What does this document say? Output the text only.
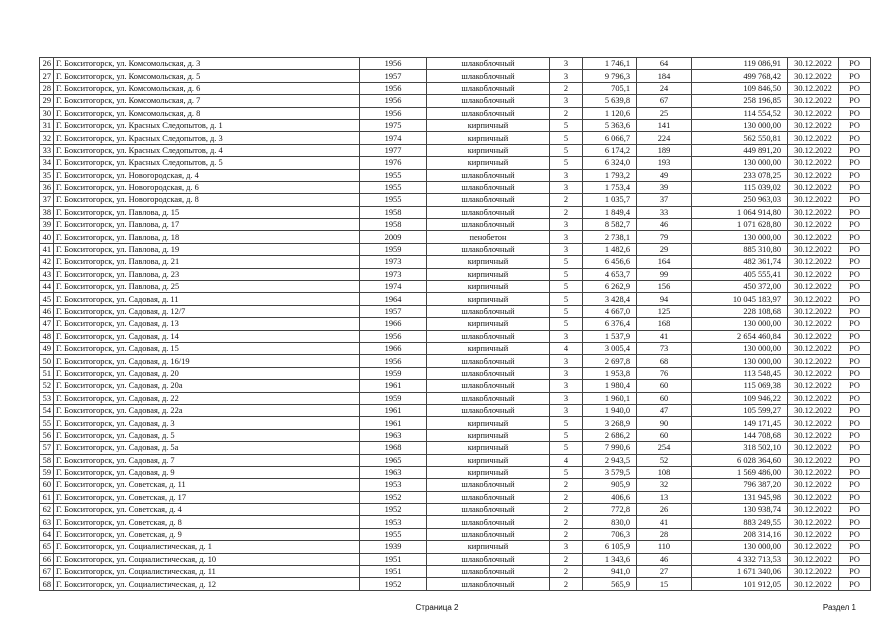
26	Г. Бокситогорск, ул. Комсомольская, д. 3	1956	шлакоблочный	3	1 746,1	64	119 086,91	30.12.2022	РО
27	Г. Бокситогорск, ул. Комсомольская, д. 5	1957	шлакоблочный	3	9 796,3	184	499 768,42	30.12.2022	РО
28	Г. Бокситогорск, ул. Комсомольская, д. 6	1956	шлакоблочный	2	705,1	24	109 846,50	30.12.2022	РО
29	Г. Бокситогорск, ул. Комсомольская, д. 7	1956	шлакоблочный	3	5 639,8	67	258 196,85	30.12.2022	РО
30	Г. Бокситогорск, ул. Комсомольская, д. 8	1956	шлакоблочный	2	1 120,6	25	114 554,52	30.12.2022	РО
31	Г. Бокситогорск, ул. Красных Следопытов, д. 1	1975	кирпичный	5	5 363,6	141	130 000,00	30.12.2022	РО
32	Г. Бокситогорск, ул. Красных Следопытов, д. 3	1974	кирпичный	5	6 066,7	224	562 550,81	30.12.2022	РО
33	Г. Бокситогорск, ул. Красных Следопытов, д. 4	1977	кирпичный	5	6 174,2	189	449 891,20	30.12.2022	РО
34	Г. Бокситогорск, ул. Красных Следопытов, д. 5	1976	кирпичный	5	6 324,0	193	130 000,00	30.12.2022	РО
35	Г. Бокситогорск, ул. Новогородская, д. 4	1955	шлакоблочный	3	1 793,2	49	233 078,25	30.12.2022	РО
36	Г. Бокситогорск, ул. Новогородская, д. 6	1955	шлакоблочный	3	1 753,4	39	115 039,02	30.12.2022	РО
37	Г. Бокситогорск, ул. Новогородская, д. 8	1955	шлакоблочный	2	1 035,7	37	250 963,03	30.12.2022	РО
38	Г. Бокситогорск, ул. Павлова, д. 15	1958	шлакоблочный	2	1 849,4	33	1 064 914,80	30.12.2022	РО
39	Г. Бокситогорск, ул. Павлова, д. 17	1958	шлакоблочный	3	8 582,7	46	1 071 628,80	30.12.2022	РО
40	Г. Бокситогорск, ул. Павлова, д. 18	2009	пенобетон	3	2 738,1	79	130 000,00	30.12.2022	РО
41	Г. Бокситогорск, ул. Павлова, д. 19	1959	шлакоблочный	3	1 482,6	29	885 310,80	30.12.2022	РО
42	Г. Бокситогорск, ул. Павлова, д. 21	1973	кирпичный	5	6 456,6	164	482 361,74	30.12.2022	РО
43	Г. Бокситогорск, ул. Павлова, д. 23	1973	кирпичный	5	4 653,7	99	405 555,41	30.12.2022	РО
44	Г. Бокситогорск, ул. Павлова, д. 25	1974	кирпичный	5	6 262,9	156	450 372,00	30.12.2022	РО
45	Г. Бокситогорск, ул. Садовая, д. 11	1964	кирпичный	5	3 428,4	94	10 045 183,97	30.12.2022	РО
46	Г. Бокситогорск, ул. Садовая, д. 12/7	1957	шлакоблочный	5	4 667,0	125	228 108,68	30.12.2022	РО
47	Г. Бокситогорск, ул. Садовая, д. 13	1966	кирпичный	5	6 376,4	168	130 000,00	30.12.2022	РО
48	Г. Бокситогорск, ул. Садовая, д. 14	1956	шлакоблочный	3	1 537,9	41	2 654 460,84	30.12.2022	РО
49	Г. Бокситогорск, ул. Садовая, д. 15	1966	кирпичный	4	3 005,4	73	130 000,00	30.12.2022	РО
50	Г. Бокситогорск, ул. Садовая, д. 16/19	1956	шлакоблочный	3	2 697,8	68	130 000,00	30.12.2022	РО
51	Г. Бокситогорск, ул. Садовая, д. 20	1959	шлакоблочный	3	1 953,8	76	113 548,45	30.12.2022	РО
52	Г. Бокситогорск, ул. Садовая, д. 20а	1961	шлакоблочный	3	1 980,4	60	115 069,38	30.12.2022	РО
53	Г. Бокситогорск, ул. Садовая, д. 22	1959	шлакоблочный	3	1 960,1	60	109 946,22	30.12.2022	РО
54	Г. Бокситогорск, ул. Садовая, д. 22а	1961	шлакоблочный	3	1 940,0	47	105 599,27	30.12.2022	РО
55	Г. Бокситогорск, ул. Садовая, д. 3	1961	кирпичный	5	3 268,9	90	149 171,45	30.12.2022	РО
56	Г. Бокситогорск, ул. Садовая, д. 5	1963	кирпичный	5	2 686,2	60	144 708,68	30.12.2022	РО
57	Г. Бокситогорск, ул. Садовая, д. 5а	1968	кирпичный	5	7 990,6	254	318 502,10	30.12.2022	РО
58	Г. Бокситогорск, ул. Садовая, д. 7	1965	кирпичный	4	2 943,5	52	6 028 364,60	30.12.2022	РО
59	Г. Бокситогорск, ул. Садовая, д. 9	1963	кирпичный	5	3 579,5	108	1 569 486,00	30.12.2022	РО
60	Г. Бокситогорск, ул. Советская, д. 11	1953	шлакоблочный	2	905,9	32	796 387,20	30.12.2022	РО
61	Г. Бокситогорск, ул. Советская, д. 17	1952	шлакоблочный	2	406,6	13	131 945,98	30.12.2022	РО
62	Г. Бокситогорск, ул. Советская, д. 4	1952	шлакоблочный	2	772,8	26	130 938,74	30.12.2022	РО
63	Г. Бокситогорск, ул. Советская, д. 8	1953	шлакоблочный	2	830,0	41	883 249,55	30.12.2022	РО
64	Г. Бокситогорск, ул. Советская, д. 9	1955	шлакоблочный	2	706,3	28	208 314,16	30.12.2022	РО
65	Г. Бокситогорск, ул. Социалистическая, д. 1	1939	кирпичный	3	6 105,9	110	130 000,00	30.12.2022	РО
66	Г. Бокситогорск, ул. Социалистическая, д. 10	1951	шлакоблочный	2	1 343,6	46	4 332 713,53	30.12.2022	РО
67	Г. Бокситогорск, ул. Социалистическая, д. 11	1951	шлакоблочный	2	941,0	27	1 671 340,06	30.12.2022	РО
68	Г. Бокситогорск, ул. Социалистическая, д. 12	1952	шлакоблочный	2	565,9	15	101 912,05	30.12.2022	РО
Страница 2	Раздел 1
